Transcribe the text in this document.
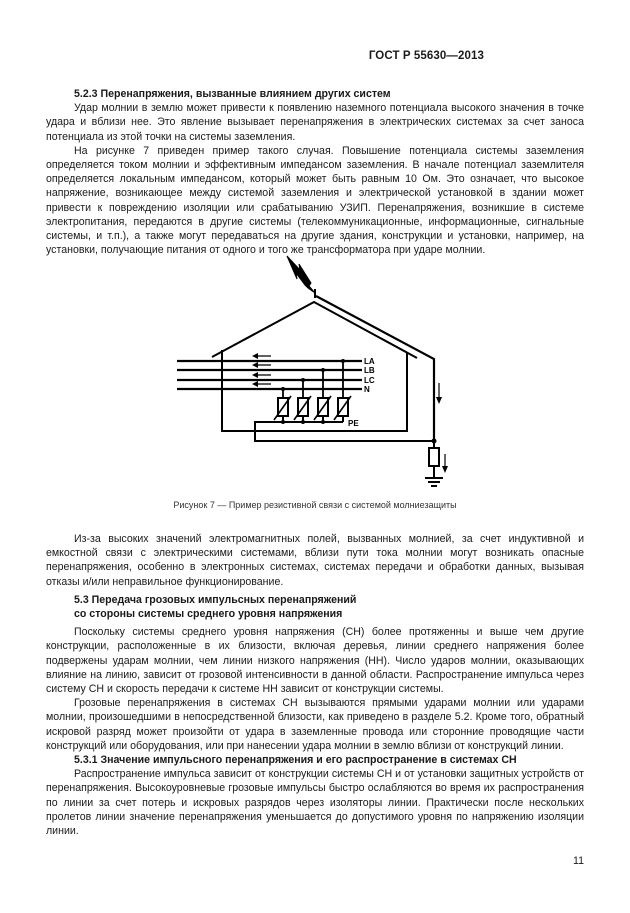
ГОСТ Р 55630—2013
5.2.3 Перенапряжения, вызванные влиянием других систем

Удар молнии в землю может привести к появлению наземного потенциала высокого значения в точке удара и вблизи нее. Это явление вызывает перенапряжения в электрических системах за счет заноса потенциала из этой точки на системы заземления.

На рисунке 7 приведен пример такого случая. Повышение потенциала системы заземления определяется током молнии и эффективным импедансом заземления. В начале потенциал заземлителя определяется локальным импедансом, который может быть равным 10 Ом. Это означает, что высокое напряжение, возникающее между системой заземления и электрической установкой в здании может привести к повреждению изоляции или срабатыванию УЗИП. Перенапряжения, возникшие в системе электропитания, передаются в другие системы (телекоммуникационные, информационные, сигнальные системы, и т.п.), а также могут передаваться на другие здания, конструкции и установки, например, на установки, получающие питания от одного и того же трансформатора при ударе молнии.

LA
LB
LC
N
PE
Рисунок 7 — Пример резистивной связи с системой молниезащиты

Из-за высоких значений электромагнитных полей, вызванных молнией, за счет индуктивной и емкостной связи с электрическими системами, вблизи пути тока молнии могут возникать опасные перенапряжения, особенно в электронных системах, системах передачи и обработки данных, вызывая отказы и/или неправильное функционирование.

5.3 Передача грозовых импульсных перенапряжений
со стороны системы среднего уровня напряжения

Поскольку системы среднего уровня напряжения (СН) более протяженны и выше чем другие конструкции, расположенные в их близости, включая деревья, линии среднего напряжения более подвержены ударам молнии, чем линии низкого напряжения (НН). Число ударов молнии, оказывающих влияние на линию, зависит от грозовой интенсивности в данной области. Распространение импульса через систему СН и скорость передачи к системе НН зависит от конструкции системы.

Грозовые перенапряжения в системах СН вызываются прямыми ударами молнии или ударами молнии, произошедшими в непосредственной близости, как приведено в разделе 5.2. Кроме того, обратный искровой разряд может произойти от удара в заземленные провода или сторонние проводящие части конструкций или оборудования, или при нанесении удара молнии в землю вблизи от конструкций линии.

5.3.1 Значение импульсного перенапряжения и его распространение в системах СН

Распространение импульса зависит от конструкции системы СН и от установки защитных устройств от перенапряжения. Высокоуровневые грозовые импульсы быстро ослабляются во время их распространения по линии за счет потерь и искровых разрядов через изоляторы линии. Практически после нескольких пролетов линии значение перенапряжения уменьшается до допустимого уровня по напряжению изоляции линии.

11
